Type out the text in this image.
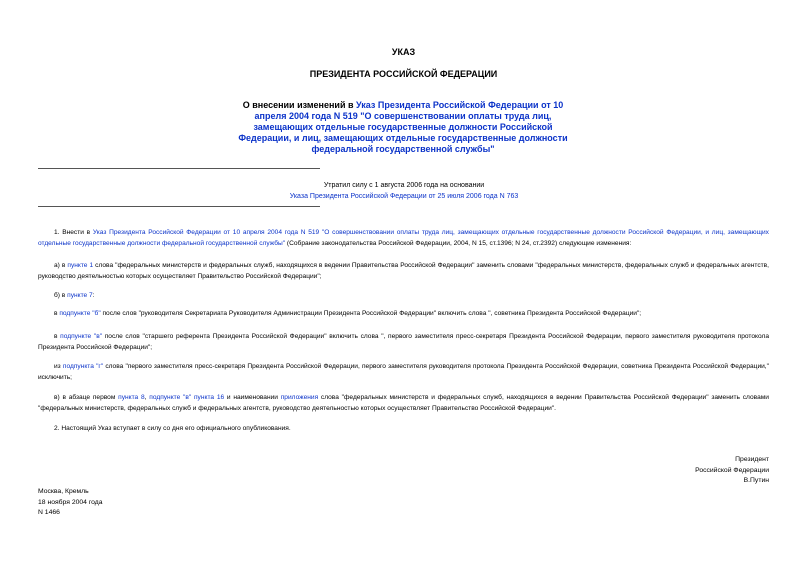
УКАЗ
ПРЕЗИДЕНТА РОССИЙСКОЙ ФЕДЕРАЦИИ
О внесении изменений в Указ Президента Российской Федерации от 10 апреля 2004 года N 519 "О совершенствовании оплаты труда лиц, замещающих отдельные государственные должности Российской Федерации, и лиц, замещающих отдельные государственные должности федеральной государственной службы"
Утратил силу с 1 августа 2006 года на основании
Указа Президента Российской Федерации от 25 июля 2006 года N 763

1. Внести в Указ Президента Российской Федерации от 10 апреля 2004 года N 519 "О совершенствовании оплаты труда лиц, замещающих отдельные государственные должности Российской Федерации, и лиц, замещающих отдельные государственные должности федеральной государственной службы" (Собрание законодательства Российской Федерации, 2004, N 15, ст.1396; N 24, ст.2392) следующие изменения:

а) в пункте 1 слова "федеральных министерств и федеральных служб, находящихся в ведении Правительства Российской Федерации" заменить словами "федеральных министерств, федеральных служб и федеральных агентств, руководство деятельностью которых осуществляет Правительство Российской Федерации";

б) в пункте 7:

в подпункте "б" после слов "руководителя Секретариата Руководителя Администрации Президента Российской Федерации" включить слова ", советника Президента Российской Федерации";

в подпункте "в" после слов "старшего референта Президента Российской Федерации" включить слова ", первого заместителя пресс-секретаря Президента Российской Федерации, первого заместителя руководителя протокола Президента Российской Федерации";

из подпункта "г" слова "первого заместителя пресс-секретаря Президента Российской Федерации, первого заместителя руководителя протокола Президента Российской Федерации, советника Президента Российской Федерации," исключить;

в) в абзаце первом пункта 8, подпункте "в" пункта 16 и наименовании приложения слова "федеральных министерств и федеральных служб, находящихся в ведении Правительства Российской Федерации" заменить словами "федеральных министерств, федеральных служб и федеральных агентств, руководство деятельностью которых осуществляет Правительство Российской Федерации".

2. Настоящий Указ вступает в силу со дня его официального опубликования.

Президент
Российской Федерации
В.Путин
Москва, Кремль
18 ноября 2004 года
N 1466
